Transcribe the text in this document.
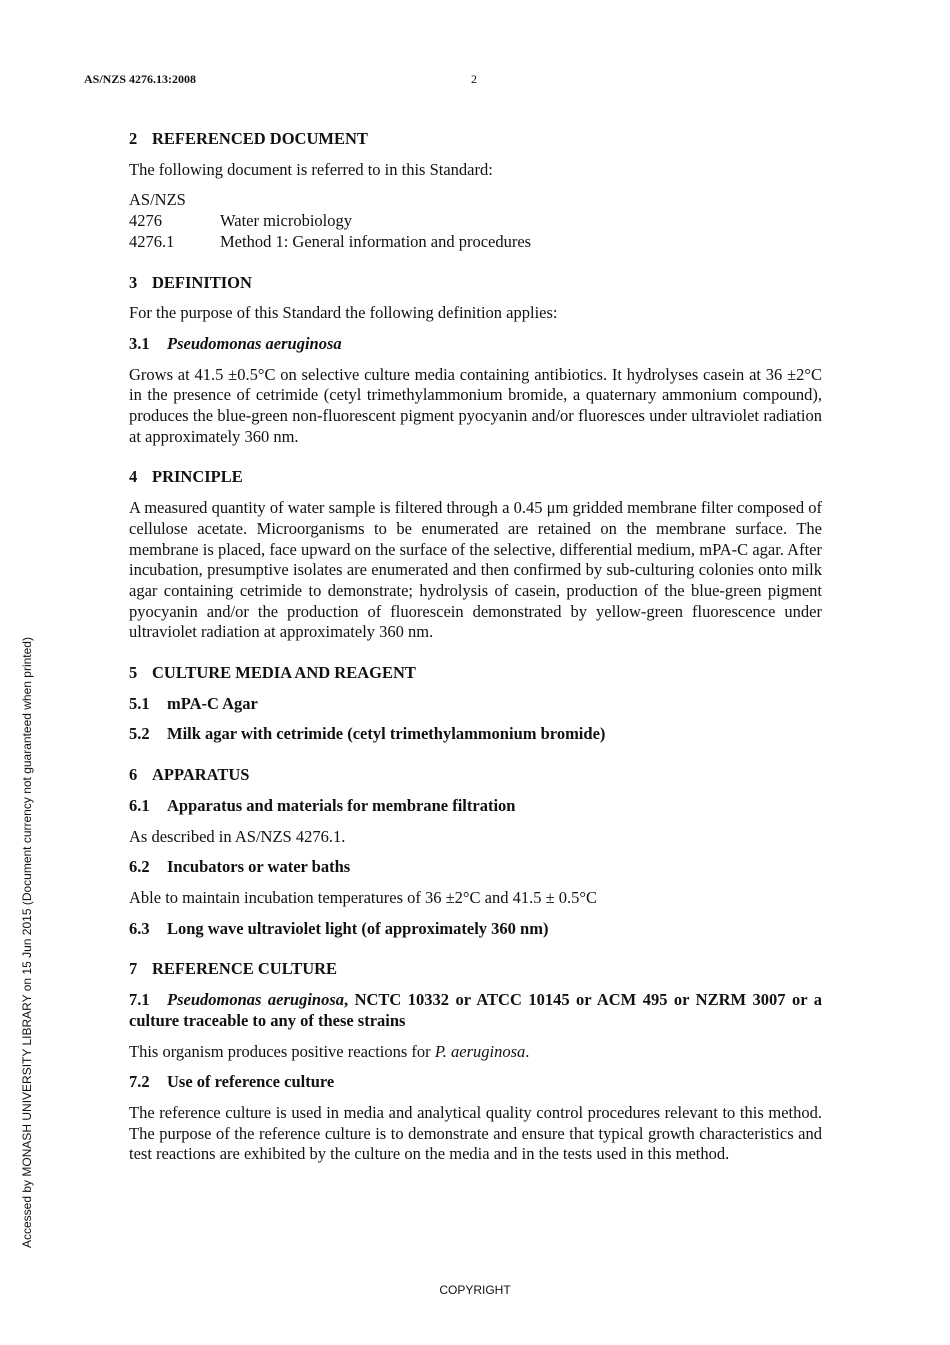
AS/NZS 4276.13:2008	2
Accessed by MONASH UNIVERSITY LIBRARY on 15 Jun 2015 (Document currency not guaranteed when printed)
2 REFERENCED DOCUMENT

The following document is referred to in this Standard:

AS/NZS
4276	Water microbiology
4276.1	Method 1: General information and procedures
3 DEFINITION

For the purpose of this Standard the following definition applies:

3.1 Pseudomonas aeruginosa

Grows at 41.5 ±0.5°C on selective culture media containing antibiotics. It hydrolyses casein at 36 ±2°C in the presence of cetrimide (cetyl trimethylammonium bromide, a quaternary ammonium compound), produces the blue-green non-fluorescent pigment pyocyanin and/or fluoresces under ultraviolet radiation at approximately 360 nm.

4 PRINCIPLE

A measured quantity of water sample is filtered through a 0.45 μm gridded membrane filter composed of cellulose acetate. Microorganisms to be enumerated are retained on the membrane surface. The membrane is placed, face upward on the surface of the selective, differential medium, mPA-C agar. After incubation, presumptive isolates are enumerated and then confirmed by sub-culturing colonies onto milk agar containing cetrimide to demonstrate; hydrolysis of casein, production of the blue-green pigment pyocyanin and/or the production of fluorescein demonstrated by yellow-green fluorescence under ultraviolet radiation at approximately 360 nm.

5 CULTURE MEDIA AND REAGENT
5.1 mPA-C Agar
5.2 Milk agar with cetrimide (cetyl trimethylammonium bromide)
6 APPARATUS
6.1 Apparatus and materials for membrane filtration

As described in AS/NZS 4276.1.

6.2 Incubators or water baths

Able to maintain incubation temperatures of 36 ±2°C and 41.5 ± 0.5°C

6.3 Long wave ultraviolet light (of approximately 360 nm)
7 REFERENCE CULTURE
7.1 Pseudomonas aeruginosa, NCTC 10332 or ATCC 10145 or ACM 495 or NZRM 3007 or a culture traceable to any of these strains

This organism produces positive reactions for P. aeruginosa.

7.2 Use of reference culture

The reference culture is used in media and analytical quality control procedures relevant to this method. The purpose of the reference culture is to demonstrate and ensure that typical growth characteristics and test reactions are exhibited by the culture on the media and in the tests used in this method.

COPYRIGHT
